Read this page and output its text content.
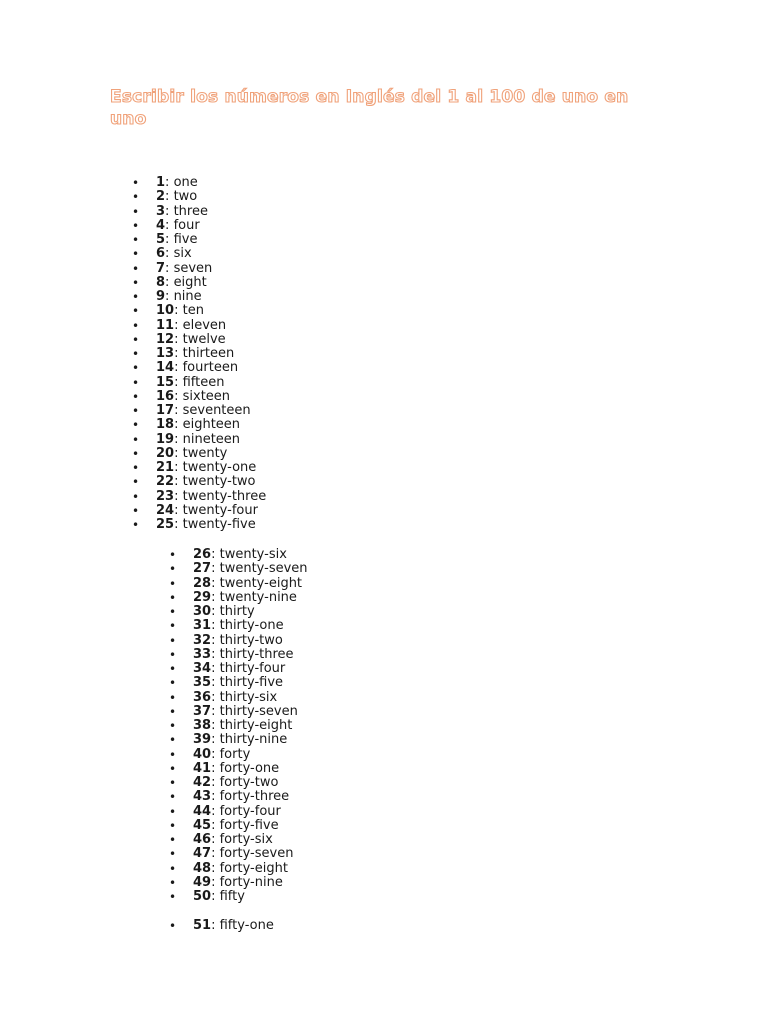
Escribir los números en Inglés del 1 al 100 de uno en uno
• 1: one
• 2: two
• 3: three
• 4: four
• 5: five
• 6: six
• 7: seven
• 8: eight
• 9: nine
• 10: ten
• 11: eleven
• 12: twelve
• 13: thirteen
• 14: fourteen
• 15: fifteen
• 16: sixteen
• 17: seventeen
• 18: eighteen
• 19: nineteen
• 20: twenty
• 21: twenty-one
• 22: twenty-two
• 23: twenty-three
• 24: twenty-four
• 25: twenty-five
• 26: twenty-six
• 27: twenty-seven
• 28: twenty-eight
• 29: twenty-nine
• 30: thirty
• 31: thirty-one
• 32: thirty-two
• 33: thirty-three
• 34: thirty-four
• 35: thirty-five
• 36: thirty-six
• 37: thirty-seven
• 38: thirty-eight
• 39: thirty-nine
• 40: forty
• 41: forty-one
• 42: forty-two
• 43: forty-three
• 44: forty-four
• 45: forty-five
• 46: forty-six
• 47: forty-seven
• 48: forty-eight
• 49: forty-nine
• 50: fifty
• 51: fifty-one
